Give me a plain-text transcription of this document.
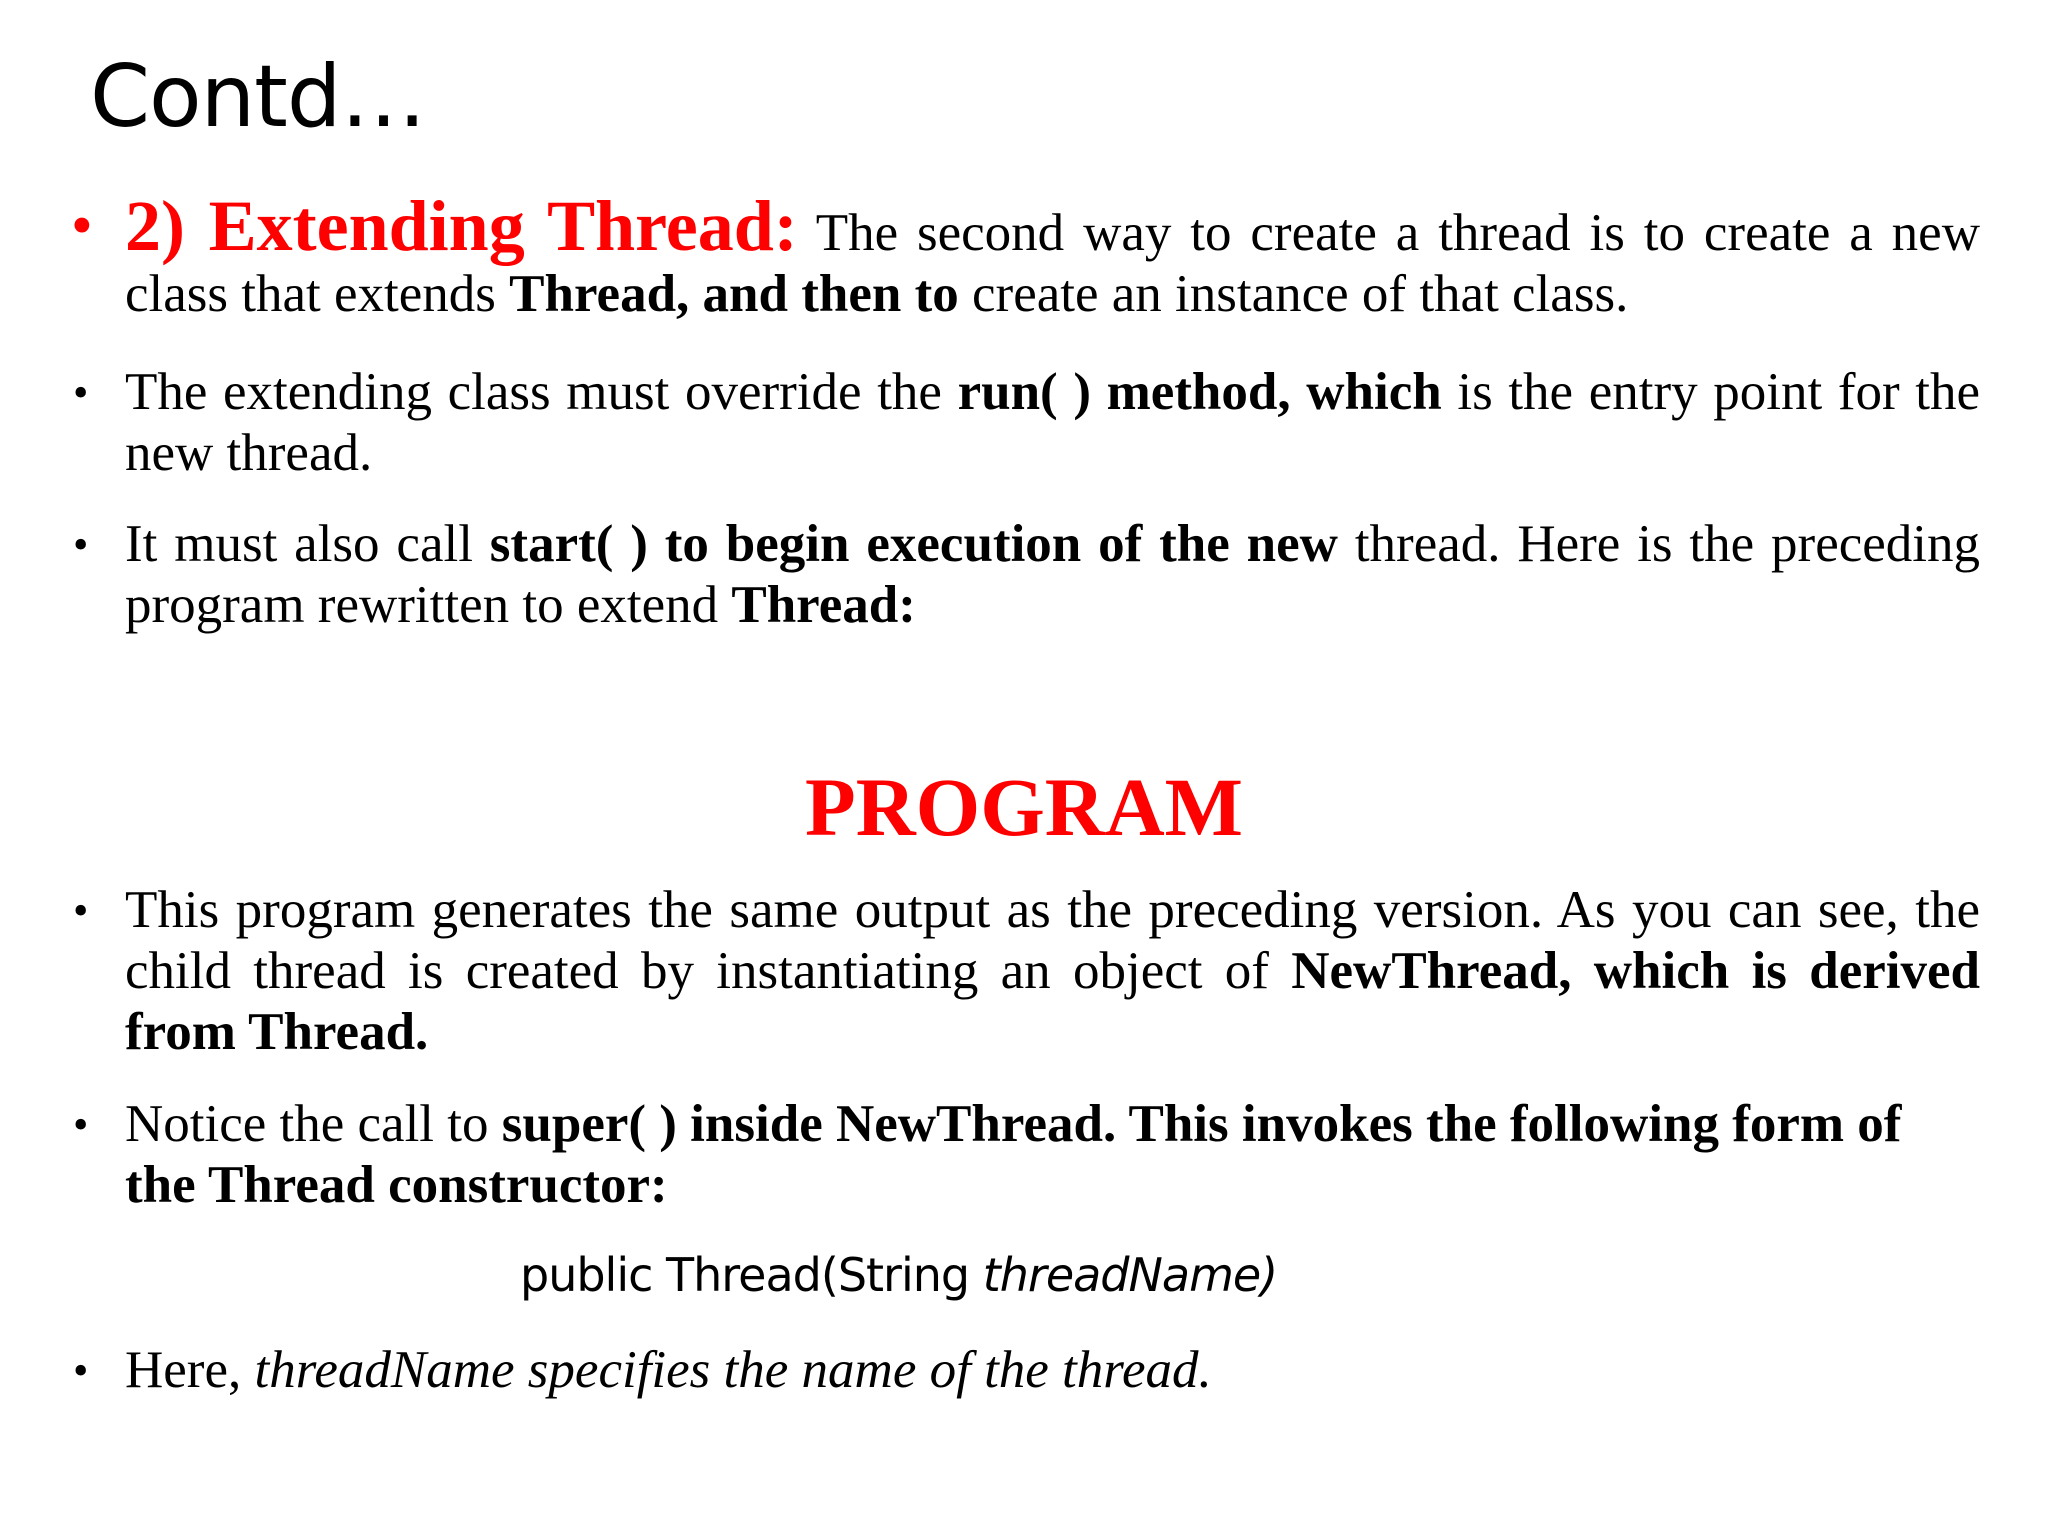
Contd…
• 2) Extending Thread: The second way to create a thread is to create a new class that extends Thread, and then to create an instance of that class.
• The extending class must override the run( ) method, which is the entry point for the new thread.
• It must also call start( ) to begin execution of the new thread. Here is the preceding program rewritten to extend Thread:
PROGRAM
• This program generates the same output as the preceding version. As you can see, the child thread is created by instantiating an object of NewThread, which is derived from Thread.
• Notice the call to super( ) inside NewThread. This invokes the following form of the Thread constructor:
public Thread(String threadName)
• Here, threadName specifies the name of the thread.
